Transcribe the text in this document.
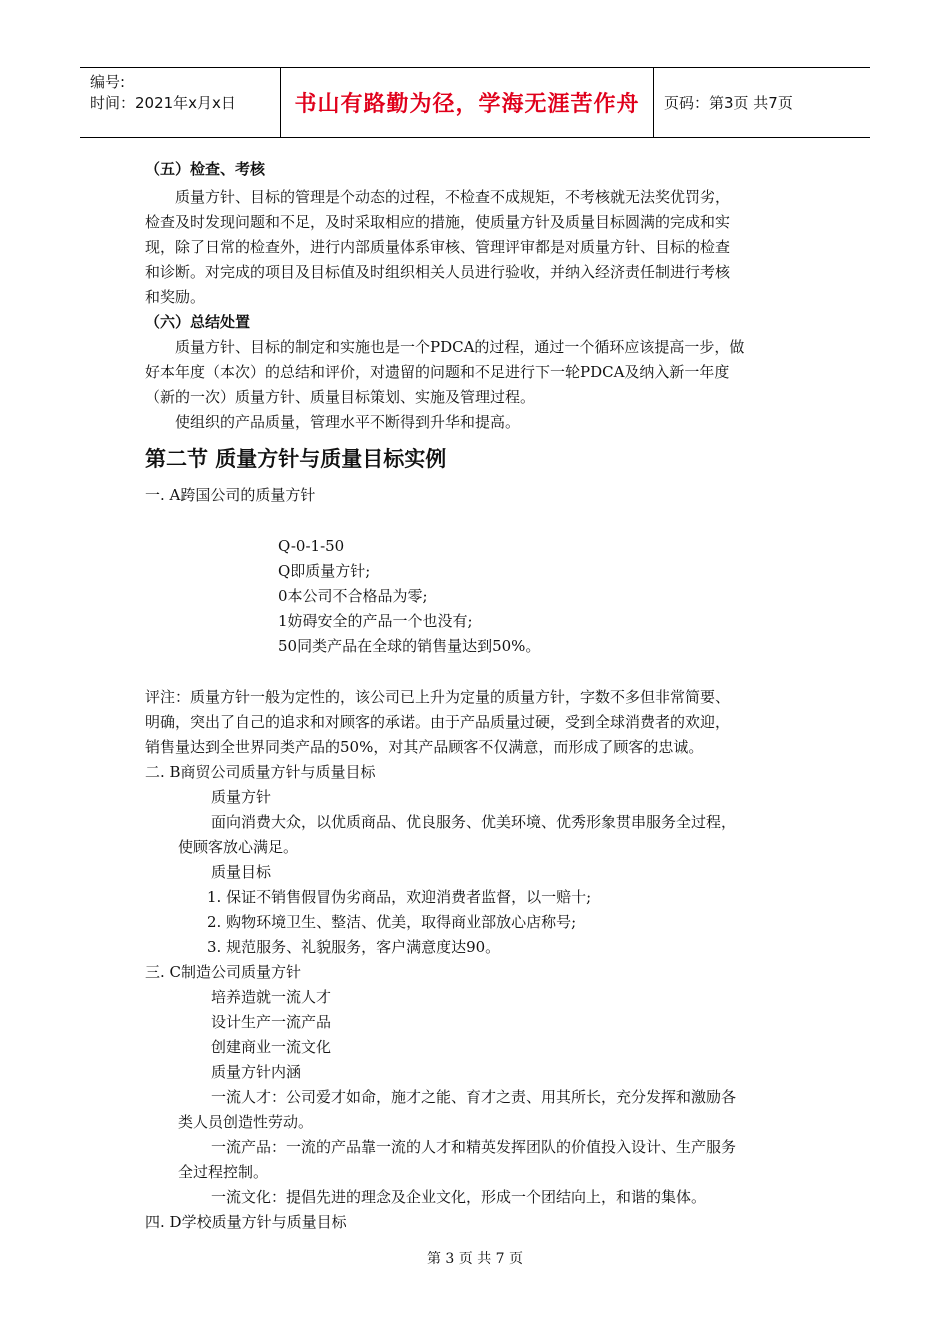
编号:
时间：2021年x月x日	书山有路勤为径，学海无涯苦作舟	页码：第3页 共7页
（五）检查、考核
质量方针、目标的管理是个动态的过程，不检查不成规矩，不考核就无法奖优罚劣，
检查及时发现问题和不足，及时采取相应的措施，使质量方针及质量目标圆满的完成和实
现，除了日常的检查外，进行内部质量体系审核、管理评审都是对质量方针、目标的检查
和诊断。对完成的项目及目标值及时组织相关人员进行验收，并纳入经济责任制进行考核
和奖励。
（六）总结处置
质量方针、目标的制定和实施也是一个PDCA的过程，通过一个循环应该提高一步，做
好本年度（本次）的总结和评价，对遗留的问题和不足进行下一轮PDCA及纳入新一年度
（新的一次）质量方针、质量目标策划、实施及管理过程。
使组织的产品质量，管理水平不断得到升华和提高。
第二节 质量方针与质量目标实例
一. A跨国公司的质量方针
Q-0-1-50
Q即质量方针;
0本公司不合格品为零;
1妨碍安全的产品一个也没有;
50同类产品在全球的销售量达到50%。
评注：质量方针一般为定性的，该公司已上升为定量的质量方针，字数不多但非常简要、
明确，突出了自己的追求和对顾客的承诺。由于产品质量过硬，受到全球消费者的欢迎，
销售量达到全世界同类产品的50%，对其产品顾客不仅满意，而形成了顾客的忠诚。
二. B商贸公司质量方针与质量目标
质量方针
面向消费大众，以优质商品、优良服务、优美环境、优秀形象贯串服务全过程，
使顾客放心满足。
质量目标
1. 保证不销售假冒伪劣商品，欢迎消费者监督，以一赔十;
2. 购物环境卫生、整洁、优美，取得商业部放心店称号;
3. 规范服务、礼貌服务，客户满意度达90。
三. C制造公司质量方针
培养造就一流人才
设计生产一流产品
创建商业一流文化
质量方针内涵
一流人才：公司爱才如命，施才之能、育才之责、用其所长，充分发挥和激励各
类人员创造性劳动。
一流产品：一流的产品靠一流的人才和精英发挥团队的价值投入设计、生产服务
全过程控制。
一流文化：提倡先进的理念及企业文化，形成一个团结向上，和谐的集体。
四. D学校质量方针与质量目标
第 3 页 共 7 页
